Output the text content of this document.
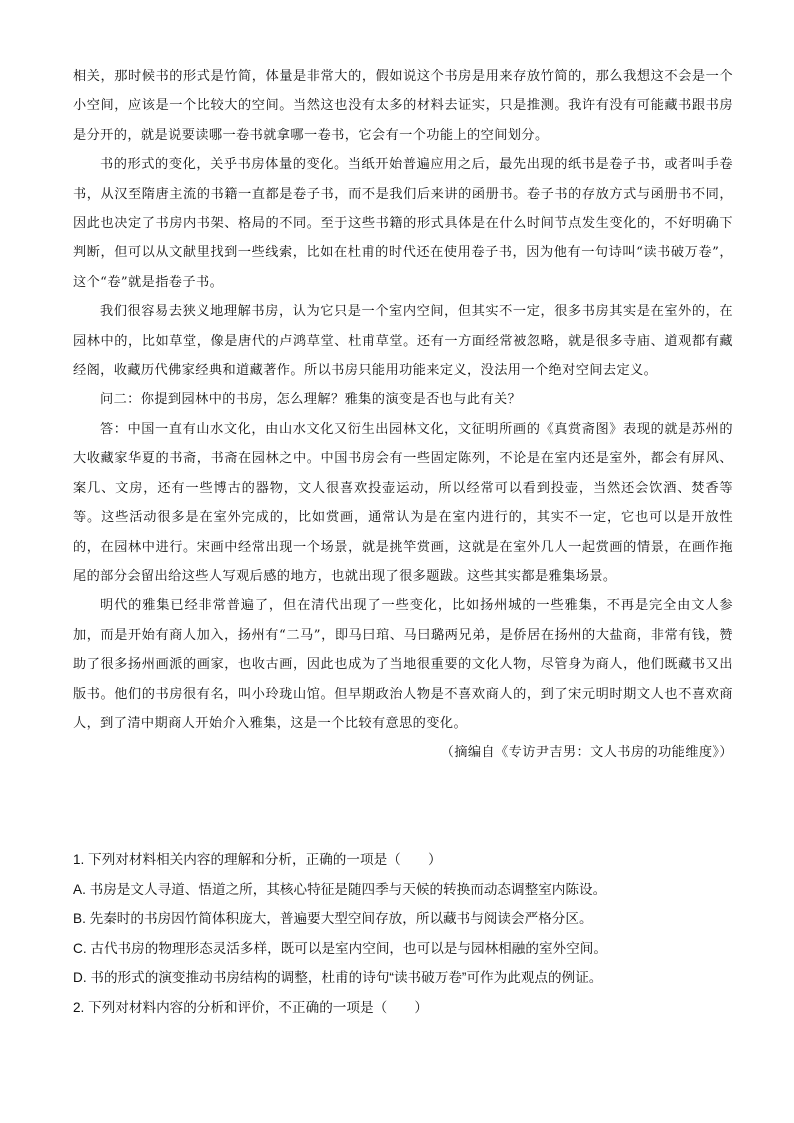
相关，那时候书的形式是竹简，体量是非常大的，假如说这个书房是用来存放竹简的，那么我想这不会是一个小空间，应该是一个比较大的空间。当然这也没有太多的材料去证实，只是推测。我许有没有可能藏书跟书房是分开的，就是说要读哪一卷书就拿哪一卷书，它会有一个功能上的空间划分。

书的形式的变化，关乎书房体量的变化。当纸开始普遍应用之后，最先出现的纸书是卷子书，或者叫手卷书，从汉至隋唐主流的书籍一直都是卷子书，而不是我们后来讲的函册书。卷子书的存放方式与函册书不同，因此也决定了书房内书架、格局的不同。至于这些书籍的形式具体是在什么时间节点发生变化的，不好明确下判断，但可以从文献里找到一些线索，比如在杜甫的时代还在使用卷子书，因为他有一句诗叫“读书破万卷”，这个“卷”就是指卷子书。

我们很容易去狭义地理解书房，认为它只是一个室内空间，但其实不一定，很多书房其实是在室外的，在园林中的，比如草堂，像是唐代的卢鸿草堂、杜甫草堂。还有一方面经常被忽略，就是很多寺庙、道观都有藏经阁，收藏历代佛家经典和道藏著作。所以书房只能用功能来定义，没法用一个绝对空间去定义。

问二：你提到园林中的书房，怎么理解？雅集的演变是否也与此有关？

答：中国一直有山水文化，由山水文化又衍生出园林文化，文征明所画的《真赏斋图》表现的就是苏州的大收藏家华夏的书斋，书斋在园林之中。中国书房会有一些固定陈列，不论是在室内还是室外，都会有屏风、案几、文房，还有一些博古的器物，文人很喜欢投壶运动，所以经常可以看到投壶，当然还会饮酒、焚香等等。这些活动很多是在室外完成的，比如赏画，通常认为是在室内进行的，其实不一定，它也可以是开放性的，在园林中进行。宋画中经常出现一个场景，就是挑竿赏画，这就是在室外几人一起赏画的情景，在画作拖尾的部分会留出给这些人写观后感的地方，也就出现了很多题跋。这些其实都是雅集场景。

明代的雅集已经非常普遍了，但在清代出现了一些变化，比如扬州城的一些雅集，不再是完全由文人参加，而是开始有商人加入，扬州有“二马”，即马曰琯、马曰璐两兄弟，是侨居在扬州的大盐商，非常有钱，赞助了很多扬州画派的画家，也收古画，因此也成为了当地很重要的文化人物，尽管身为商人，他们既藏书又出版书。他们的书房很有名，叫小玲珑山馆。但早期政治人物是不喜欢商人的，到了宋元明时期文人也不喜欢商人，到了清中期商人开始介入雅集，这是一个比较有意思的变化。

（摘编自《专访尹吉男：文人书房的功能维度》）

1. 下列对材料相关内容的理解和分析，正确的一项是（　　）

A. 书房是文人寻道、悟道之所，其核心特征是随四季与天候的转换而动态调整室内陈设。

B. 先秦时的书房因竹简体积庞大，普遍要大型空间存放，所以藏书与阅读会严格分区。

C. 古代书房的物理形态灵活多样，既可以是室内空间，也可以是与园林相融的室外空间。

D. 书的形式的演变推动书房结构的调整，杜甫的诗句“读书破万卷”可作为此观点的例证。

2. 下列对材料内容的分析和评价，不正确的一项是（　　）
